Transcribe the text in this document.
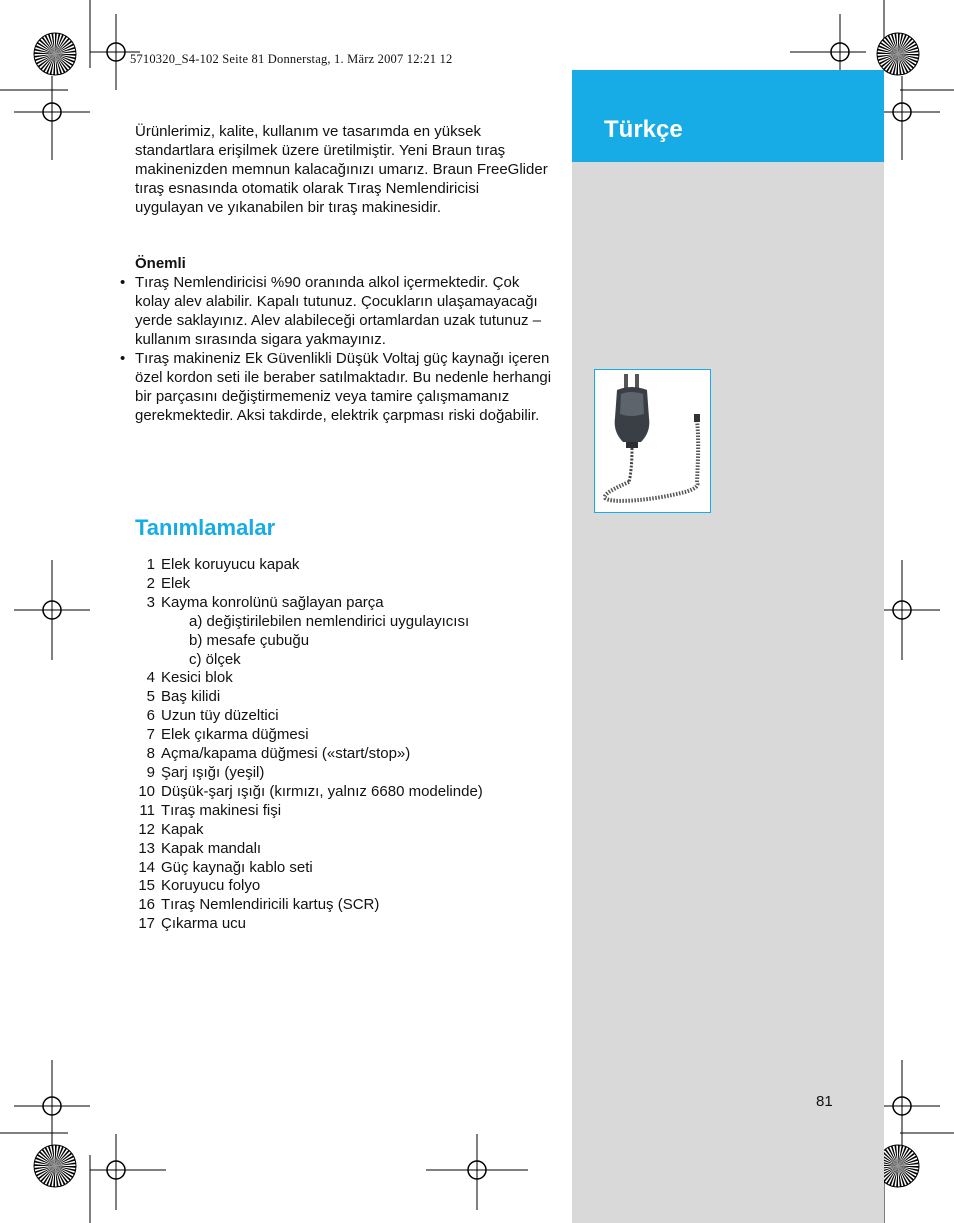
5710320_S4-102 Seite 81 Donnerstag, 1. März 2007 12:21 12
Türkçe
Ürünlerimiz, kalite, kullanım ve tasarımda en yüksek standartlara erişilmek üzere üretilmiştir. Yeni Braun tıraş makinenizden memnun kalacağınızı umarız. Braun FreeGlider tıraş esnasında otomatik olarak Tıraş Nemlendiricisi uygulayan ve yıkanabilen bir tıraş makinesidir.
Önemli
• Tıraş Nemlendiricisi %90 oranında alkol içermektedir. Çok kolay alev alabilir. Kapalı tutunuz. Çocukların ulaşamayacağı yerde saklayınız. Alev alabileceği ortamlardan uzak tutunuz – kullanım sırasında sigara yakmayınız.
• Tıraş makineniz Ek Güvenlikli Düşük Voltaj güç kaynağı içeren özel kordon seti ile beraber satılmaktadır. Bu nedenle herhangi bir parçasını değiştirmemeniz veya tamire çalışmamanız gerekmektedir. Aksi takdirde, elektrik çarpması riski doğabilir.
Tanımlamalar
1 Elek koruyucu kapak
2 Elek
3 Kayma konrolünü sağlayan parça
a) değiştirilebilen nemlendirici uygulayıcısı
b) mesafe çubuğu
c) ölçek
4 Kesici blok
5 Baş kilidi
6 Uzun tüy düzeltici
7 Elek çıkarma düğmesi
8 Açma/kapama düğmesi («start/stop»)
9 Şarj ışığı (yeşil)
10 Düşük-şarj ışığı (kırmızı, yalnız 6680 modelinde)
11 Tıraş makinesi fişi
12 Kapak
13 Kapak mandalı
14 Güç kaynağı kablo seti
15 Koruyucu folyo
16 Tıraş Nemlendiricili kartuş (SCR)
17 Çıkarma ucu
81
